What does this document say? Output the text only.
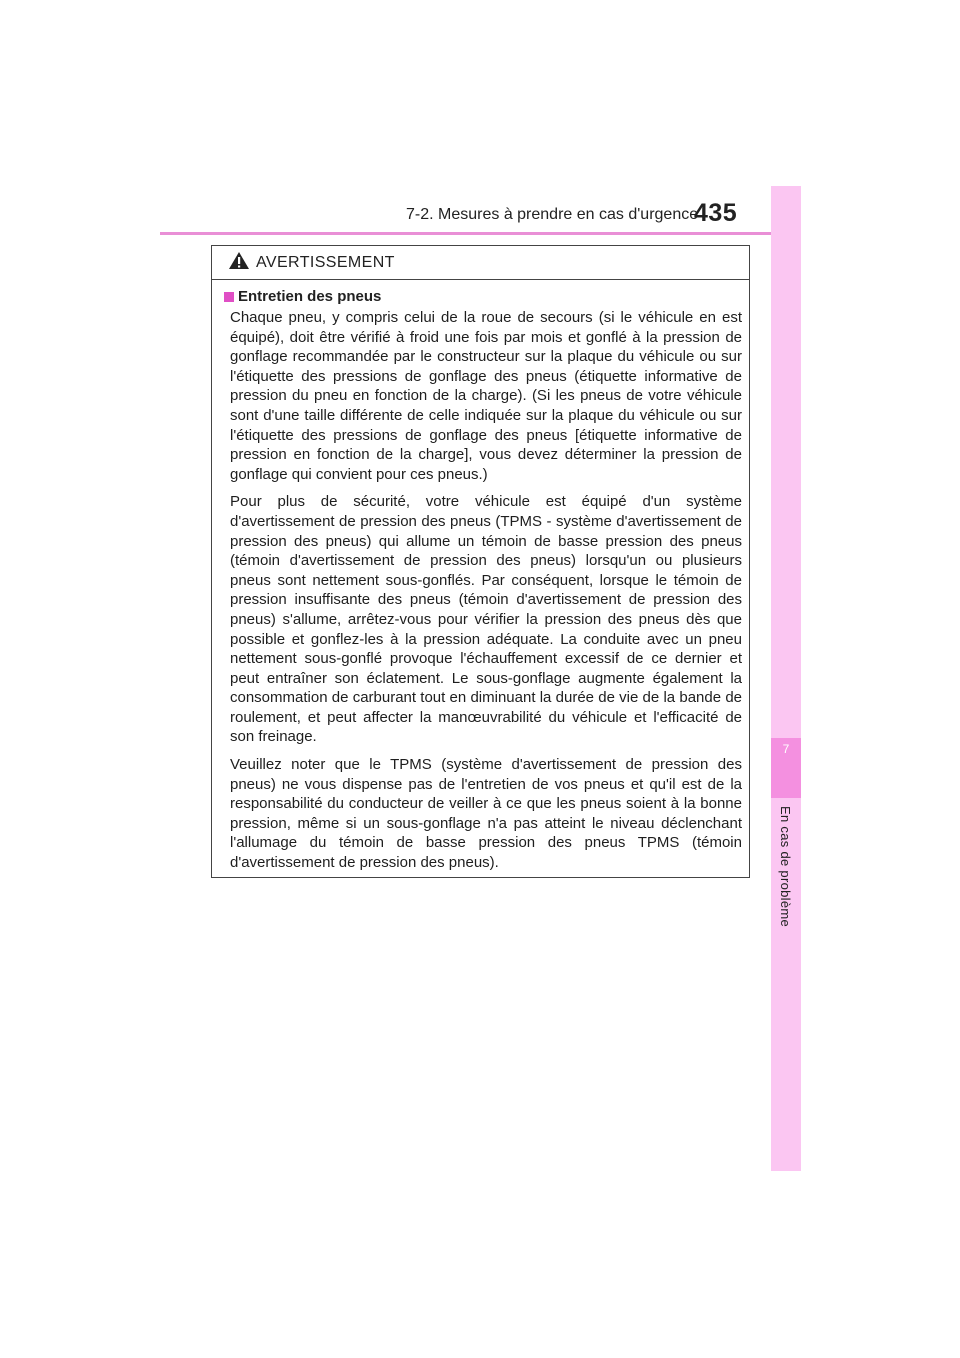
7-2. Mesures à prendre en cas d'urgence
435
7
En cas de problème
AVERTISSEMENT
Entretien des pneus

Chaque pneu, y compris celui de la roue de secours (si le véhicule en est équipé), doit être vérifié à froid une fois par mois et gonflé à la pression de gonflage recommandée par le constructeur sur la plaque du véhicule ou sur l'étiquette des pressions de gonflage des pneus (étiquette informative de pression du pneu en fonction de la charge). (Si les pneus de votre véhicule sont d'une taille différente de celle indiquée sur la plaque du véhicule ou sur l'étiquette des pressions de gonflage des pneus [étiquette informative de pression en fonction de la charge], vous devez déterminer la pression de gonflage qui convient pour ces pneus.)

Pour plus de sécurité, votre véhicule est équipé d'un système d'avertissement de pression des pneus (TPMS - système d'avertissement de pression des pneus) qui allume un témoin de basse pression des pneus (témoin d'avertissement de pression des pneus) lorsqu'un ou plusieurs pneus sont nettement sous-gonflés. Par conséquent, lorsque le témoin de pression insuffisante des pneus (témoin d'avertissement de pression des pneus) s'allume, arrêtez-vous pour vérifier la pression des pneus dès que possible et gonflez-les à la pression adéquate. La conduite avec un pneu nettement sous-gonflé provoque l'échauffement excessif de ce dernier et peut entraîner son éclatement. Le sous-gonflage augmente également la consommation de carburant tout en diminuant la durée de vie de la bande de roulement, et peut affecter la manœuvrabilité du véhicule et l'efficacité de son freinage.

Veuillez noter que le TPMS (système d'avertissement de pression des pneus) ne vous dispense pas de l'entretien de vos pneus et qu'il est de la responsabilité du conducteur de veiller à ce que les pneus soient à la bonne pression, même si un sous-gonflage n'a pas atteint le niveau déclenchant l'allumage du témoin de basse pression des pneus TPMS (témoin d'avertissement de pression des pneus).
